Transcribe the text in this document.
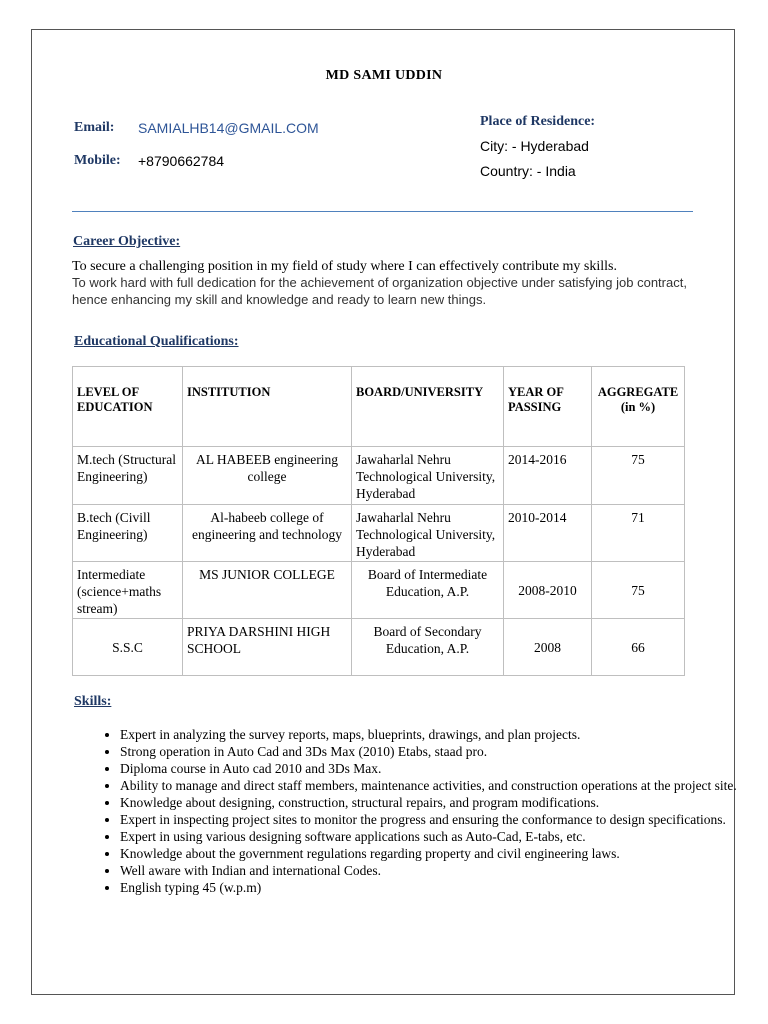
MD SAMI UDDIN
Email: SAMIALHB14@GMAIL.COM
Mobile: +8790662784
Place of Residence:
City: - Hyderabad
Country: - India
Career Objective:
To secure a challenging position in my field of study where I can effectively contribute my skills.
To work hard with full dedication for the achievement of organization objective under satisfying job contract, hence enhancing my skill and knowledge and ready to learn new things.
Educational Qualifications:
LEVEL OF EDUCATION	INSTITUTION	BOARD/UNIVERSITY	YEAR OF PASSING	AGGREGATE (in %)
M.tech (Structural Engineering)	AL HABEEB engineering college	Jawaharlal Nehru Technological University, Hyderabad	2014-2016	75
B.tech (Civill Engineering)	Al-habeeb college of engineering and technology	Jawaharlal Nehru Technological University, Hyderabad	2010-2014	71
Intermediate (science+maths stream)	MS JUNIOR COLLEGE	Board of Intermediate Education, A.P.	2008-2010	75
S.S.C	PRIYA DARSHINI HIGH SCHOOL	Board of Secondary Education, A.P.	2008	66
Skills:
• Expert in analyzing the survey reports, maps, blueprints, drawings, and plan projects.
• Strong operation in Auto Cad and 3Ds Max (2010) Etabs, staad pro.
• Diploma course in Auto cad 2010 and 3Ds Max.
• Ability to manage and direct staff members, maintenance activities, and construction operations at the project site.
• Knowledge about designing, construction, structural repairs, and program modifications.
• Expert in inspecting project sites to monitor the progress and ensuring the conformance to design specifications.
• Expert in using various designing software applications such as Auto-Cad, E-tabs, etc.
• Knowledge about the government regulations regarding property and civil engineering laws.
• Well aware with Indian and international Codes.
• English typing 45 (w.p.m)
